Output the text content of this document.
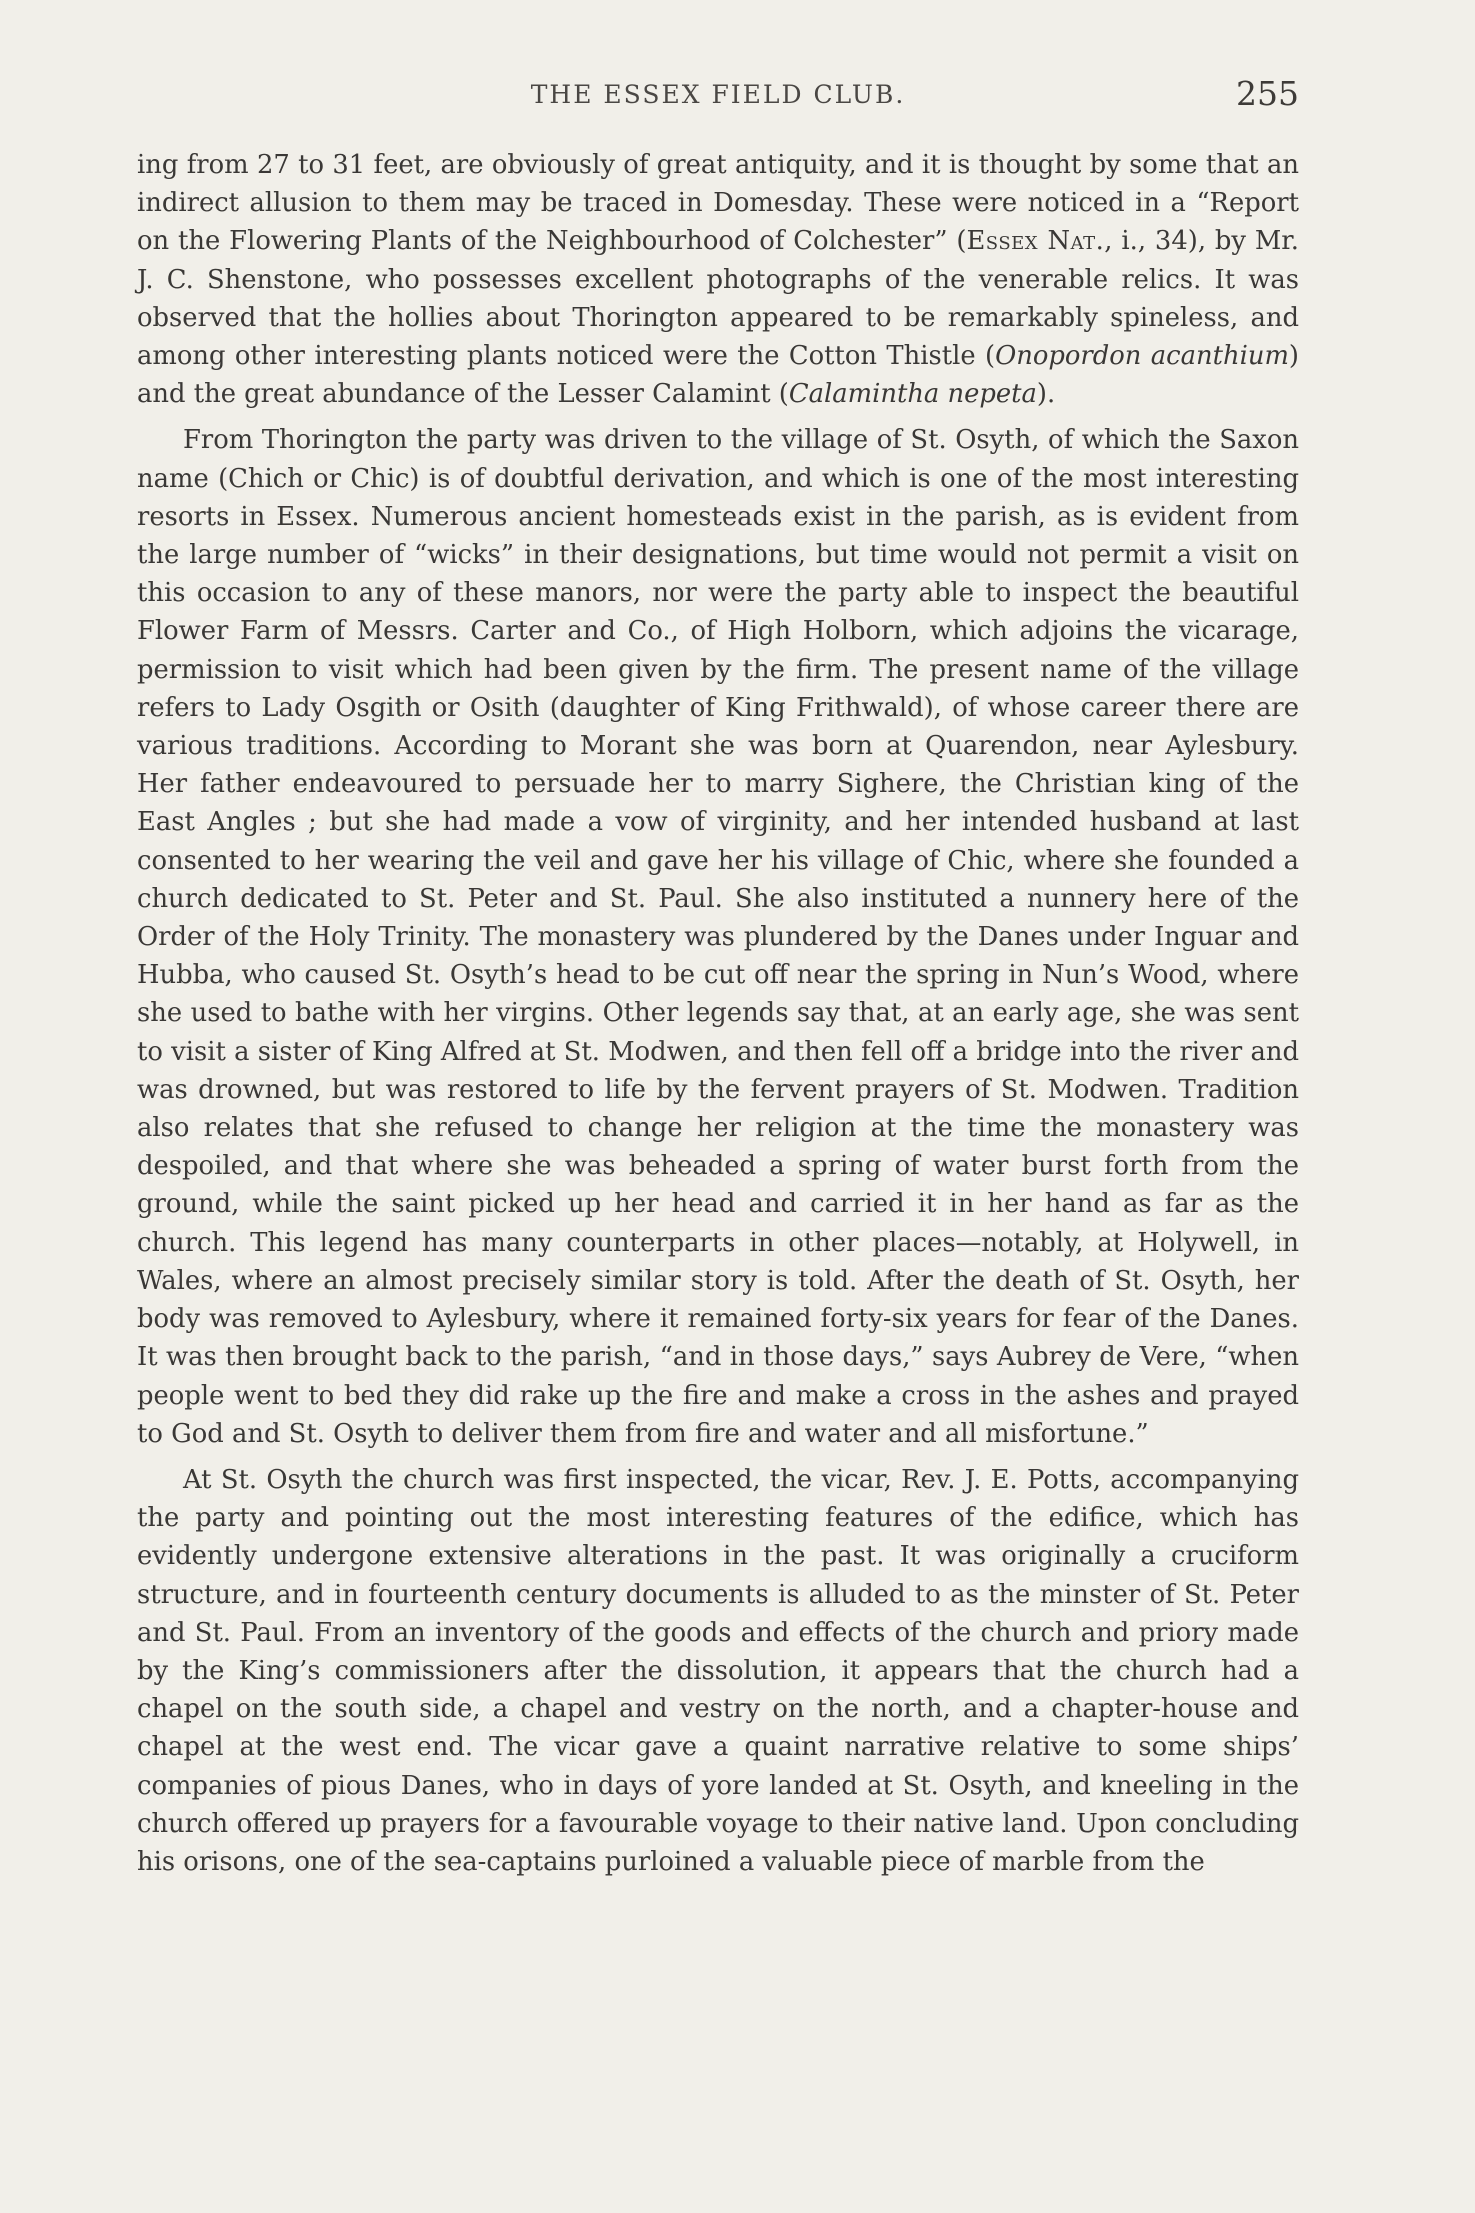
THE ESSEX FIELD CLUB.	255

ing from 27 to 31 feet, are obviously of great antiquity, and it is thought by some that an indirect allusion to them may be traced in Domesday. These were noticed in a “Report on the Flowering Plants of the Neighbourhood of Colchester” (Essex Nat., i., 34), by Mr. J. C. Shenstone, who possesses excellent photographs of the venerable relics. It was observed that the hollies about Thorington appeared to be remarkably spineless, and among other interesting plants noticed were the Cotton Thistle (Onopordon acanthium) and the great abundance of the Lesser Calamint (Calamintha nepeta).

From Thorington the party was driven to the village of St. Osyth, of which the Saxon name (Chich or Chic) is of doubtful derivation, and which is one of the most interesting resorts in Essex. Numerous ancient homesteads exist in the parish, as is evident from the large number of “wicks” in their designations, but time would not permit a visit on this occasion to any of these manors, nor were the party able to inspect the beautiful Flower Farm of Messrs. Carter and Co., of High Holborn, which adjoins the vicarage, permission to visit which had been given by the firm. The present name of the village refers to Lady Osgith or Osith (daughter of King Frithwald), of whose career there are various traditions. According to Morant she was born at Quarendon, near Aylesbury. Her father endeavoured to persuade her to marry Sighere, the Christian king of the East Angles ; but she had made a vow of virginity, and her intended husband at last consented to her wearing the veil and gave her his village of Chic, where she founded a church dedicated to St. Peter and St. Paul. She also instituted a nunnery here of the Order of the Holy Trinity. The monastery was plundered by the Danes under Inguar and Hubba, who caused St. Osyth’s head to be cut off near the spring in Nun’s Wood, where she used to bathe with her virgins. Other legends say that, at an early age, she was sent to visit a sister of King Alfred at St. Modwen, and then fell off a bridge into the river and was drowned, but was restored to life by the fervent prayers of St. Modwen. Tradition also relates that she refused to change her religion at the time the monastery was despoiled, and that where she was beheaded a spring of water burst forth from the ground, while the saint picked up her head and carried it in her hand as far as the church. This legend has many counterparts in other places—notably, at Holywell, in Wales, where an almost precisely similar story is told. After the death of St. Osyth, her body was removed to Aylesbury, where it remained forty-six years for fear of the Danes. It was then brought back to the parish, “and in those days,” says Aubrey de Vere, “when people went to bed they did rake up the fire and make a cross in the ashes and prayed to God and St. Osyth to deliver them from fire and water and all misfortune.”

At St. Osyth the church was first inspected, the vicar, Rev. J. E. Potts, accompanying the party and pointing out the most interesting features of the edifice, which has evidently undergone extensive alterations in the past. It was originally a cruciform structure, and in fourteenth century documents is alluded to as the minster of St. Peter and St. Paul. From an inventory of the goods and effects of the church and priory made by the King’s commissioners after the dissolution, it appears that the church had a chapel on the south side, a chapel and vestry on the north, and a chapter-house and chapel at the west end. The vicar gave a quaint narrative relative to some ships’ companies of pious Danes, who in days of yore landed at St. Osyth, and kneeling in the church offered up prayers for a favourable voyage to their native land. Upon concluding his orisons, one of the sea-captains purloined a valuable piece of marble from the
